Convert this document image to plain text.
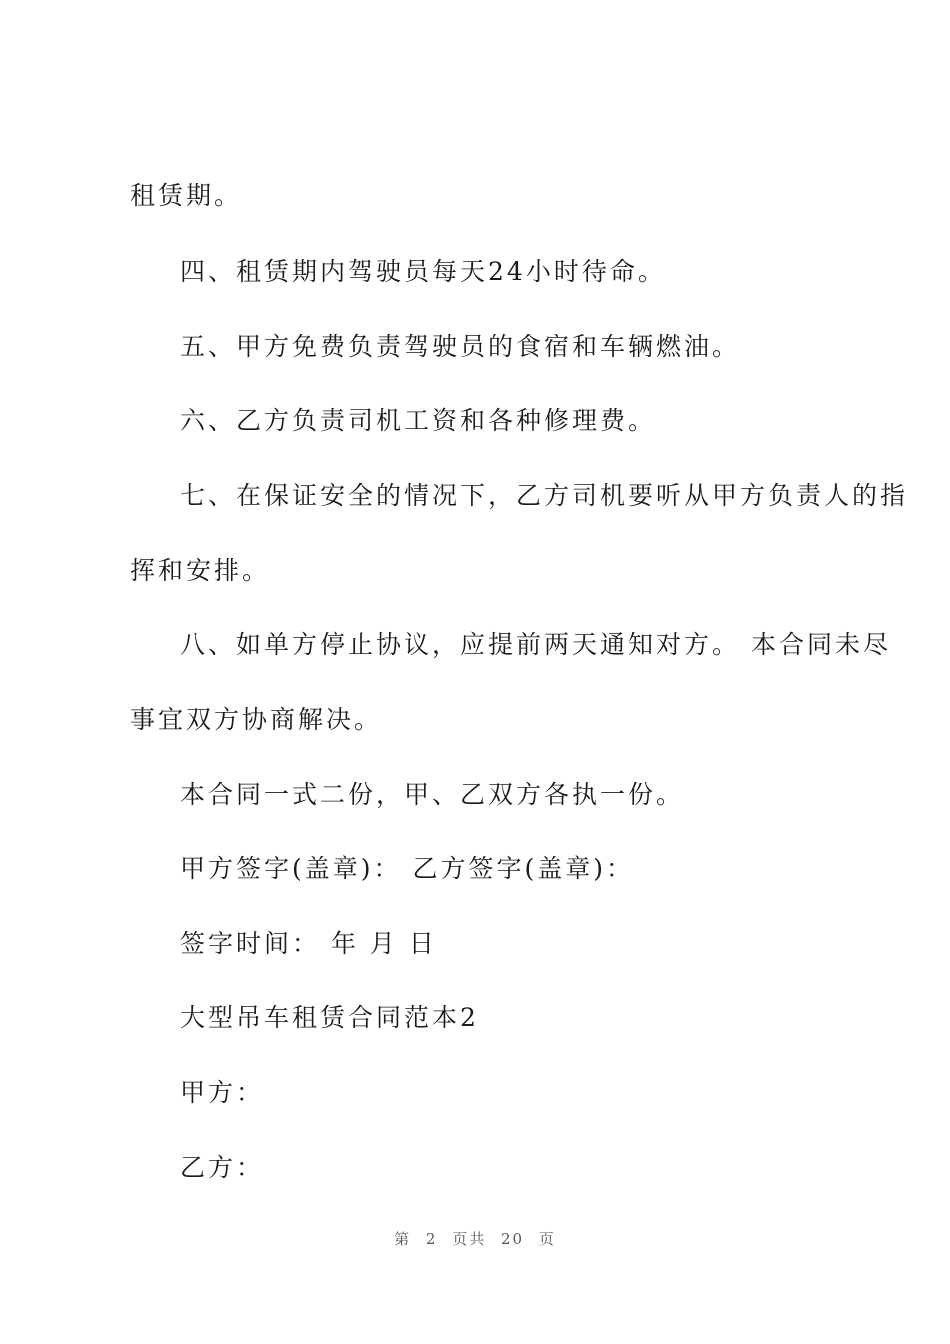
租赁期。
四、租赁期内驾驶员每天24小时待命。
五、甲方免费负责驾驶员的食宿和车辆燃油。
六、乙方负责司机工资和各种修理费。
七、在保证安全的情况下，乙方司机要听从甲方负责人的指
挥和安排。
八、如单方停止协议，应提前两天通知对方。 本合同未尽
事宜双方协商解决。
本合同一式二份，甲、乙双方各执一份。
甲方签字(盖章)： 乙方签字(盖章)：
签字时间： 年 月 日
大型吊车租赁合同范本2
甲方：
乙方：
第 2 页共 20 页
